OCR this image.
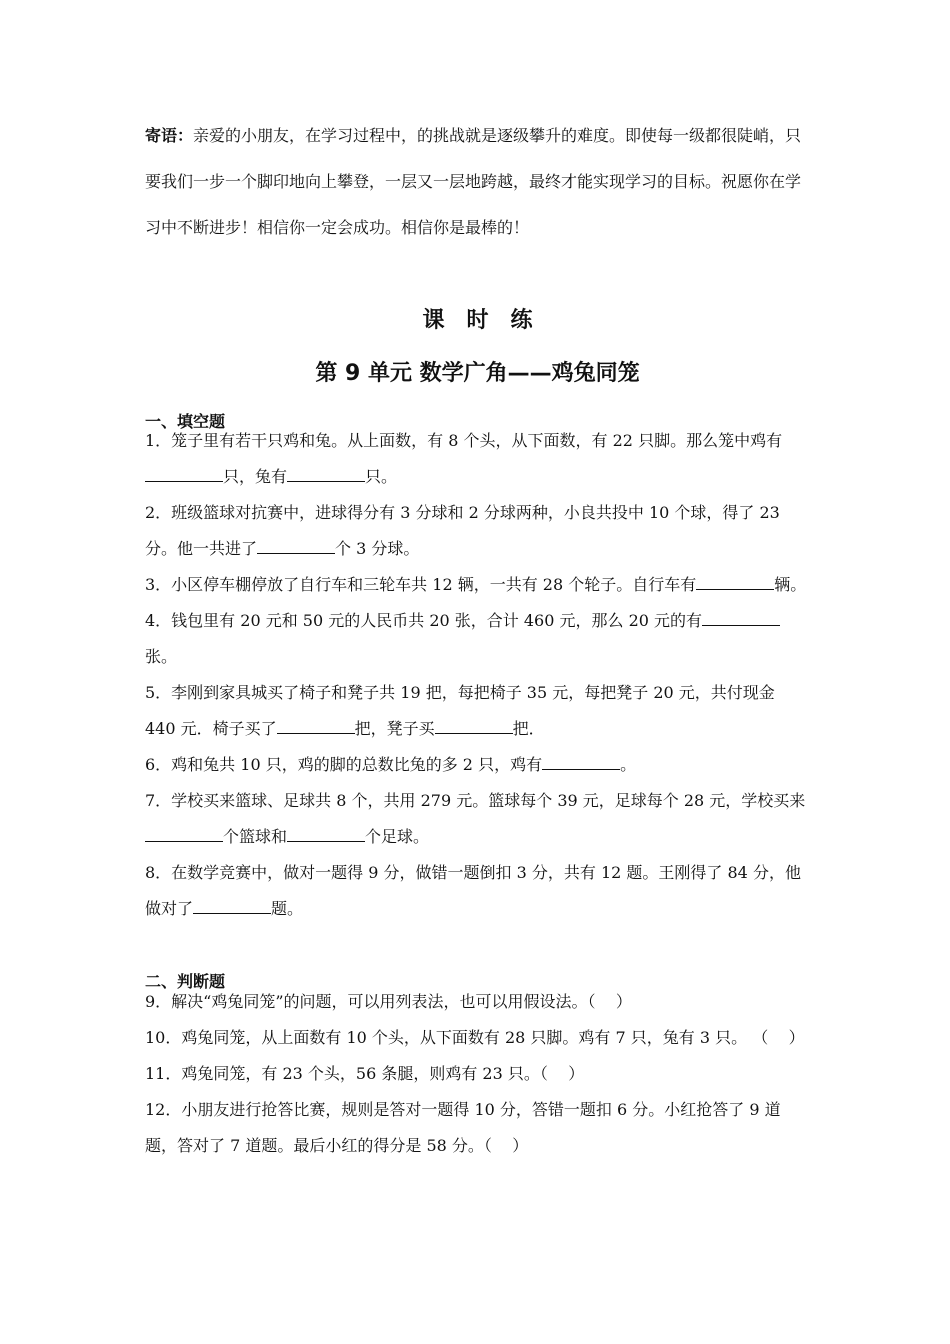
寄语：亲爱的小朋友，在学习过程中，的挑战就是逐级攀升的难度。即使每一级都很陡峭，只要我们一步一个脚印地向上攀登，一层又一层地跨越，最终才能实现学习的目标。祝愿你在学习中不断进步！相信你一定会成功。相信你是最棒的！
课时练
第 9 单元 数学广角——鸡兔同笼
一、填空题

1．笼子里有若干只鸡和兔。从上面数，有 8 个头，从下面数，有 22 只脚。那么笼中鸡有只，兔有	只。

2．班级篮球对抗赛中，进球得分有 3 分球和 2 分球两种，小良共投中 10 个球，得了 23 分。他一共进了	个 3 分球。

3．小区停车棚停放了自行车和三轮车共 12 辆，一共有 28 个轮子。自行车有	辆。

4．钱包里有 20 元和 50 元的人民币共 20 张，合计 460 元，那么 20 元的有张。

5．李刚到家具城买了椅子和凳子共 19 把，每把椅子 35 元，每把凳子 20 元，共付现金 440 元．椅子买了	把，凳子买	把．

6．鸡和兔共 10 只，鸡的脚的总数比兔的多 2 只，鸡有	。

7．学校买来篮球、足球共 8 个，共用 279 元。篮球每个 39 元，足球每个 28 元，学校买来个篮球和	个足球。

8．在数学竞赛中，做对一题得 9 分，做错一题倒扣 3 分，共有 12 题。王刚得了 84 分，他做对了	题。

二、判断题

9．解决“鸡兔同笼”的问题，可以用列表法，也可以用假设法。（ ）

10．鸡兔同笼，从上面数有 10 个头，从下面数有 28 只脚。鸡有 7 只，兔有 3 只。 （ ）

11．鸡兔同笼，有 23 个头，56 条腿，则鸡有 23 只。（ ）

12．小朋友进行抢答比赛，规则是答对一题得 10 分，答错一题扣 6 分。小红抢答了 9 道题，答对了 7 道题。最后小红的得分是 58 分。（ ）
